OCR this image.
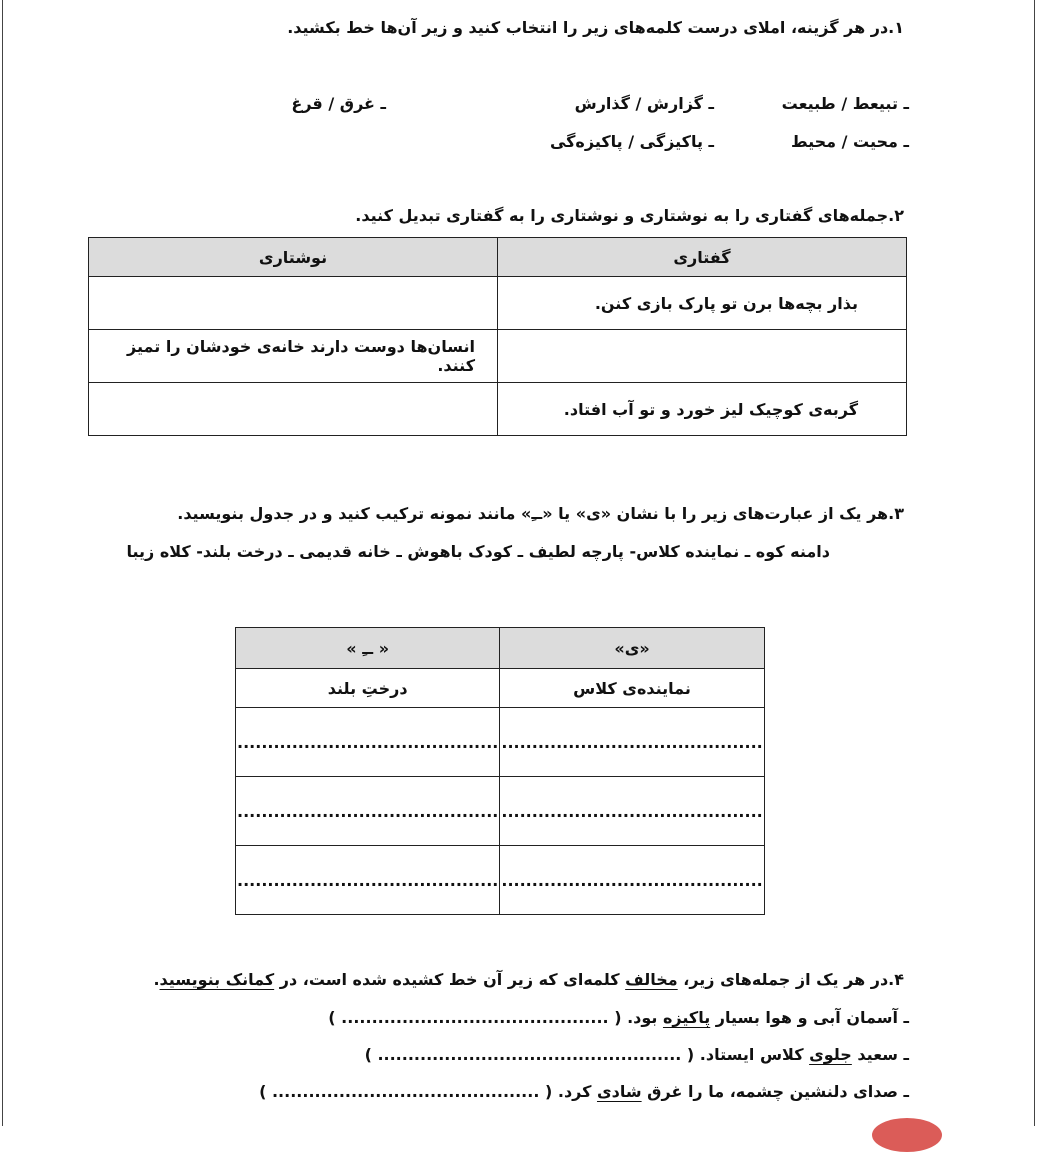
۱.در هر گزینه، املای درست کلمه‌های زیر را انتخاب کنید و زیر آن‌ها خط بکشید.
ـ تبیعط / طبیعت
ـ گزارش / گذارش
ـ غرق / قرغ
ـ محیت / محیط
ـ پاکیزگی / پاکیزه‌گی
۲.جمله‌های گفتاری را به نوشتاری و نوشتاری را به گفتاری تبدیل کنید.
گفتاری	نوشتاری
بذار بچه‌ها برن تو پارک بازی کنن.	
	انسان‌ها دوست دارند خانه‌ی خودشان را تمیز کنند.
گربه‌ی کوچیک لیز خورد و تو آب افتاد.	
۳.هر یک از عبارت‌های زیر را با نشان «ی» یا «ــِ» مانند نمونه ترکیب کنید و در جدول بنویسید.
دامنه کوه ـ نماینده کلاس- پارچه لطیف ـ کودک باهوش ـ خانه قدیمی ـ درخت بلند- کلاه زیبا
«ی»	« ــِ »
نماینده‌ی کلاس	درختِ بلند
...........................................	...........................................
...........................................	...........................................
...........................................	...........................................
۴.در هر یک از جمله‌های زیر، مخالف کلمه‌ای که زیر آن خط کشیده شده است، در کمانک بنویسید.
ـ آسمان آبی و هوا بسیار پاکیزه بود. ( ............................................ )
ـ سعید جلوی کلاس ایستاد. ( .................................................. )
ـ صدای دلنشین چشمه، ما را غرق شادی کرد. ( ............................................ )
